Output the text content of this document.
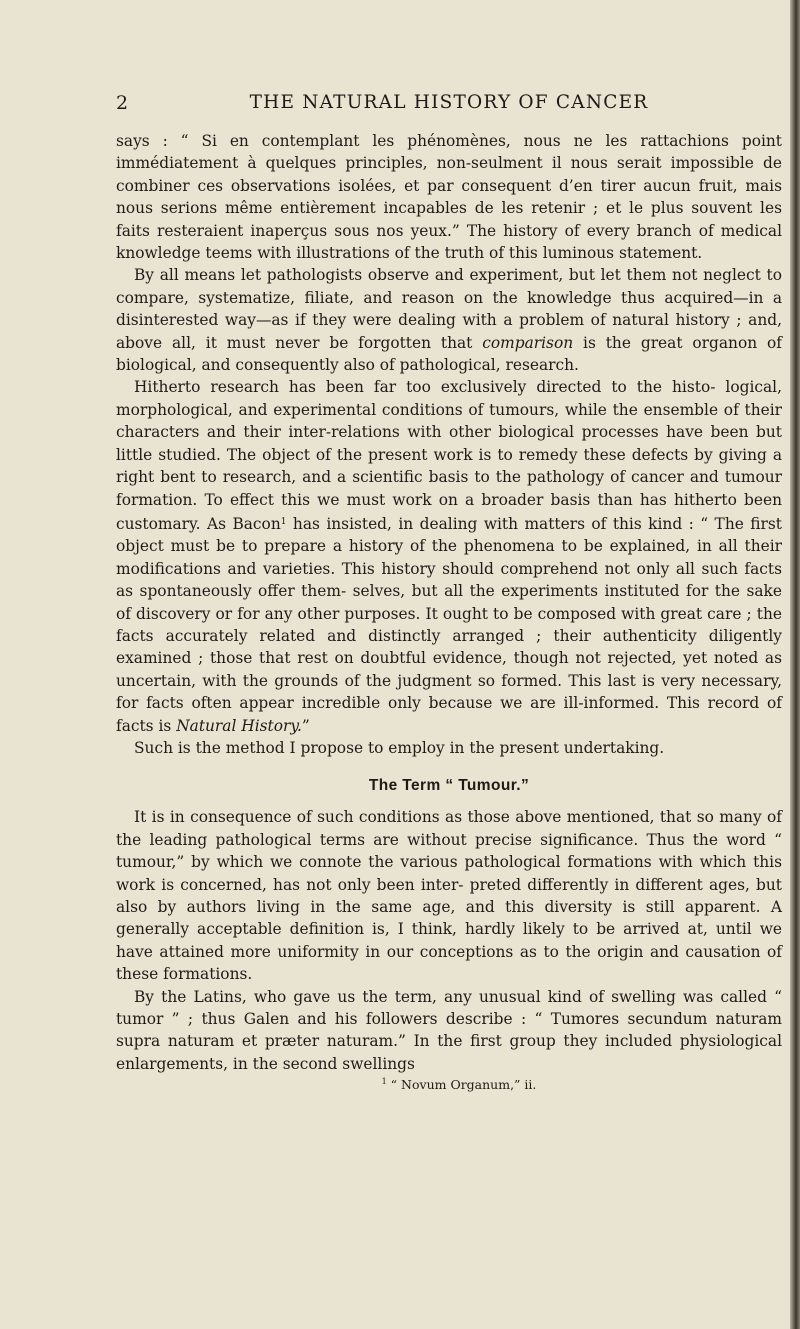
2	THE NATURAL HISTORY OF CANCER

says : “ Si en contemplant les phénomènes, nous ne les rattachions point immédiatement à quelques principles, non-seulment il nous serait impossible de combiner ces observations isolées, et par consequent d’en tirer aucun fruit, mais nous serions même entièrement incapables de les retenir ; et le plus souvent les faits resteraient inaperçus sous nos yeux.” The history of every branch of medical knowledge teems with illustrations of the truth of this luminous statement.

By all means let pathologists observe and experiment, but let them not neglect to compare, systematize, filiate, and reason on the knowledge thus acquired—in a disinterested way—as if they were dealing with a problem of natural history ; and, above all, it must never be forgotten that comparison is the great organon of biological, and consequently also of pathological, research.

Hitherto research has been far too exclusively directed to the histo- logical, morphological, and experimental conditions of tumours, while the ensemble of their characters and their inter-relations with other biological processes have been but little studied. The object of the present work is to remedy these defects by giving a right bent to research, and a scientific basis to the pathology of cancer and tumour formation. To effect this we must work on a broader basis than has hitherto been customary. As Bacon$^1$ has insisted, in dealing with matters of this kind : “ The first object must be to prepare a history of the phenomena to be explained, in all their modifications and varieties. This history should comprehend not only all such facts as spontaneously offer them- selves, but all the experiments instituted for the sake of discovery or for any other purposes. It ought to be composed with great care ; the facts accurately related and distinctly arranged ; their authenticity diligently examined ; those that rest on doubtful evidence, though not rejected, yet noted as uncertain, with the grounds of the judgment so formed. This last is very necessary, for facts often appear incredible only because we are ill-informed. This record of facts is Natural History.”

Such is the method I propose to employ in the present undertaking.

The Term “ Tumour.”

It is in consequence of such conditions as those above mentioned, that so many of the leading pathological terms are without precise significance. Thus the word “ tumour,” by which we connote the various pathological formations with which this work is concerned, has not only been inter- preted differently in different ages, but also by authors living in the same age, and this diversity is still apparent. A generally acceptable definition is, I think, hardly likely to be arrived at, until we have attained more uniformity in our conceptions as to the origin and causation of these formations.

By the Latins, who gave us the term, any unusual kind of swelling was called “ tumor ” ; thus Galen and his followers describe : “ Tumores secundum naturam supra naturam et præter naturam.” In the first group they included physiological enlargements, in the second swellings

$^1$ “ Novum Organum,” ii.
